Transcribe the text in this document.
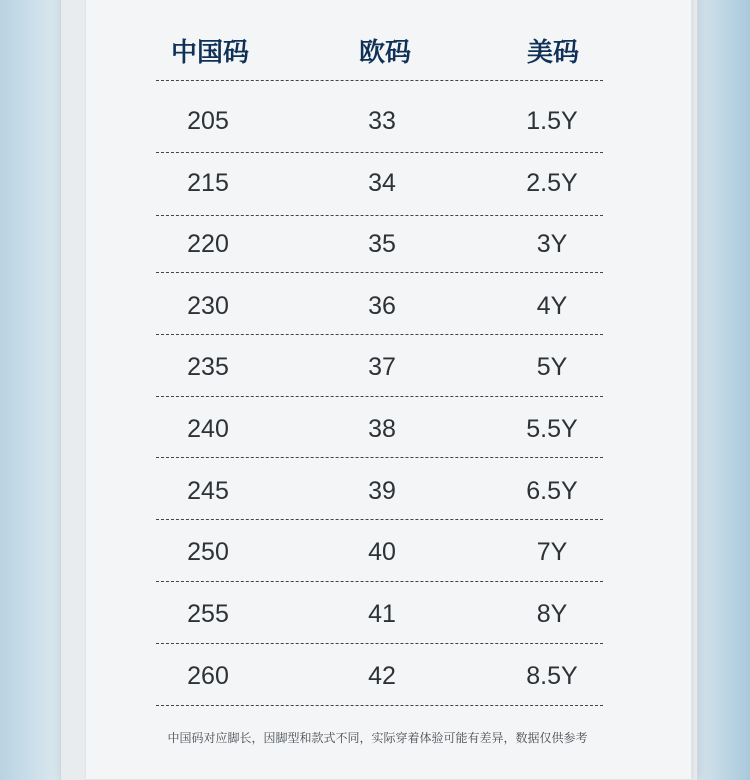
中国码	欧码	美码
205	33	1.5Y
215	34	2.5Y
220	35	3Y
230	36	4Y
235	37	5Y
240	38	5.5Y
245	39	6.5Y
250	40	7Y
255	41	8Y
260	42	8.5Y
中国码对应脚长，因脚型和款式不同，实际穿着体验可能有差异，数据仅供参考
